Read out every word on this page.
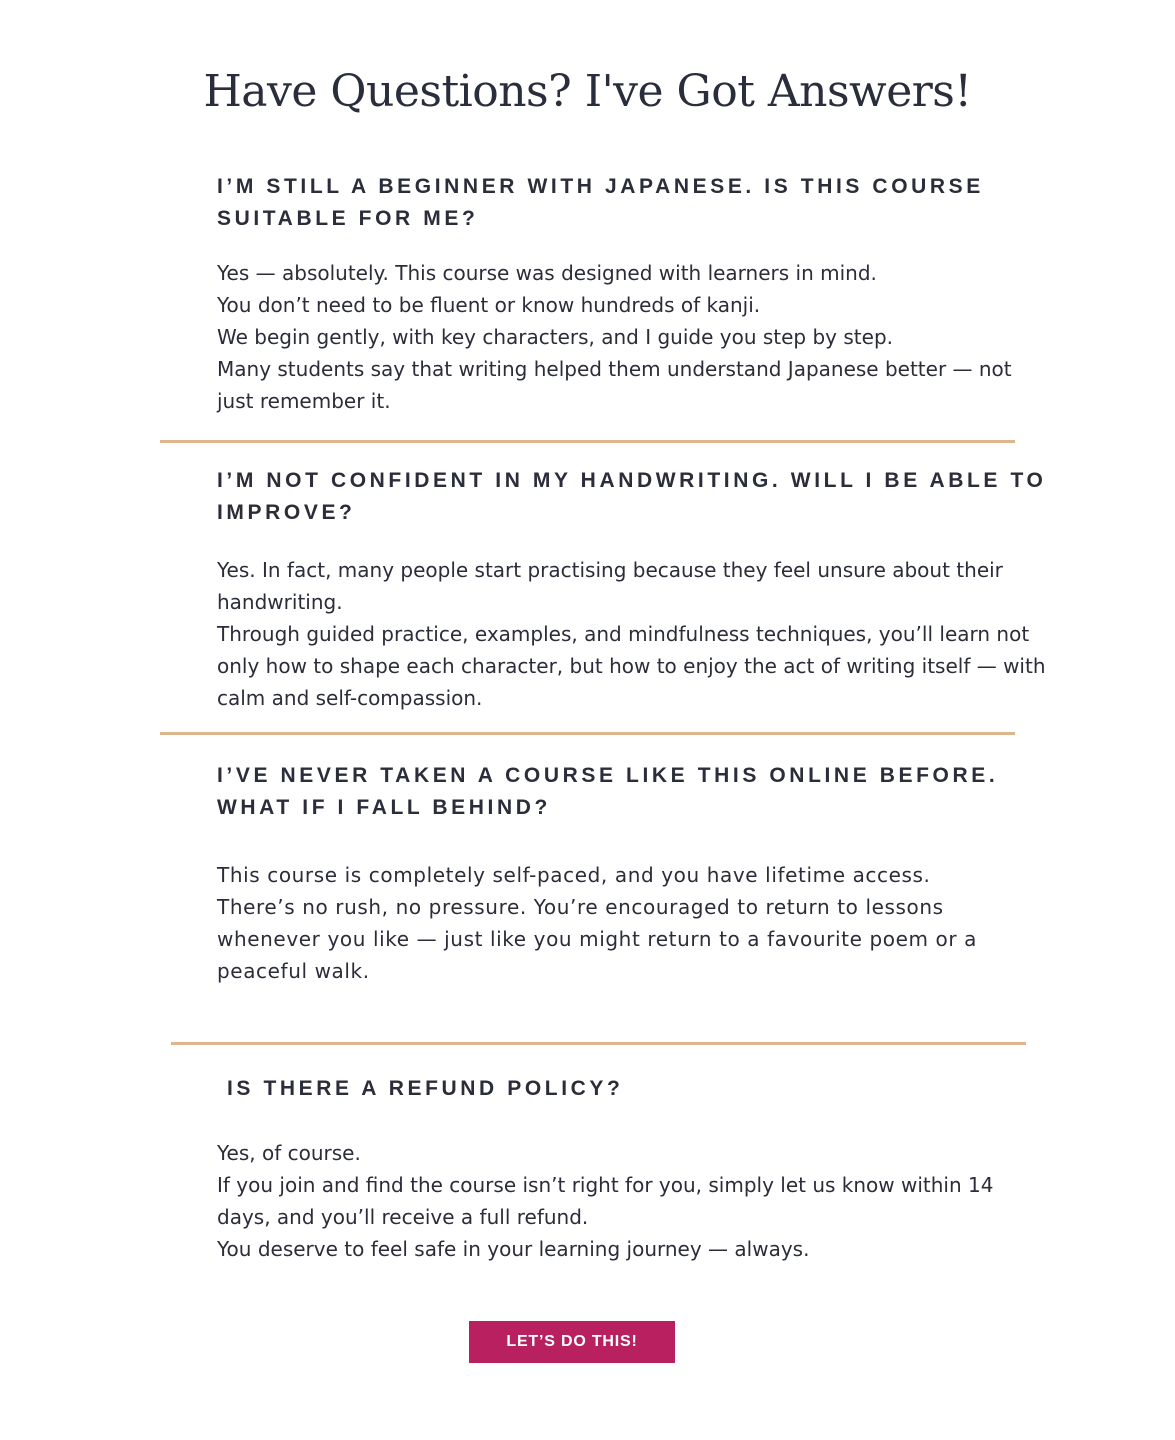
Have Questions? I've Got Answers!
I’M STILL A BEGINNER WITH JAPANESE. IS THIS COURSE SUITABLE FOR ME?

Yes — absolutely. This course was designed with learners in mind.

You don’t need to be fluent or know hundreds of kanji.

We begin gently, with key characters, and I guide you step by step.

Many students say that writing helped them understand Japanese better — not just remember it.

I’M NOT CONFIDENT IN MY HANDWRITING. WILL I BE ABLE TO IMPROVE?

Yes. In fact, many people start practising because they feel unsure about their handwriting.

Through guided practice, examples, and mindfulness techniques, you’ll learn not only how to shape each character, but how to enjoy the act of writing itself — with calm and self-compassion.

I’VE NEVER TAKEN A COURSE LIKE THIS ONLINE BEFORE. WHAT IF I FALL BEHIND?

This course is completely self-paced, and you have lifetime access.

There’s no rush, no pressure. You’re encouraged to return to lessons whenever you like — just like you might return to a favourite poem or a peaceful walk.

IS THERE A REFUND POLICY?

Yes, of course.

If you join and find the course isn’t right for you, simply let us know within 14 days, and you’ll receive a full refund.

You deserve to feel safe in your learning journey — always.

LET’S DO THIS!
